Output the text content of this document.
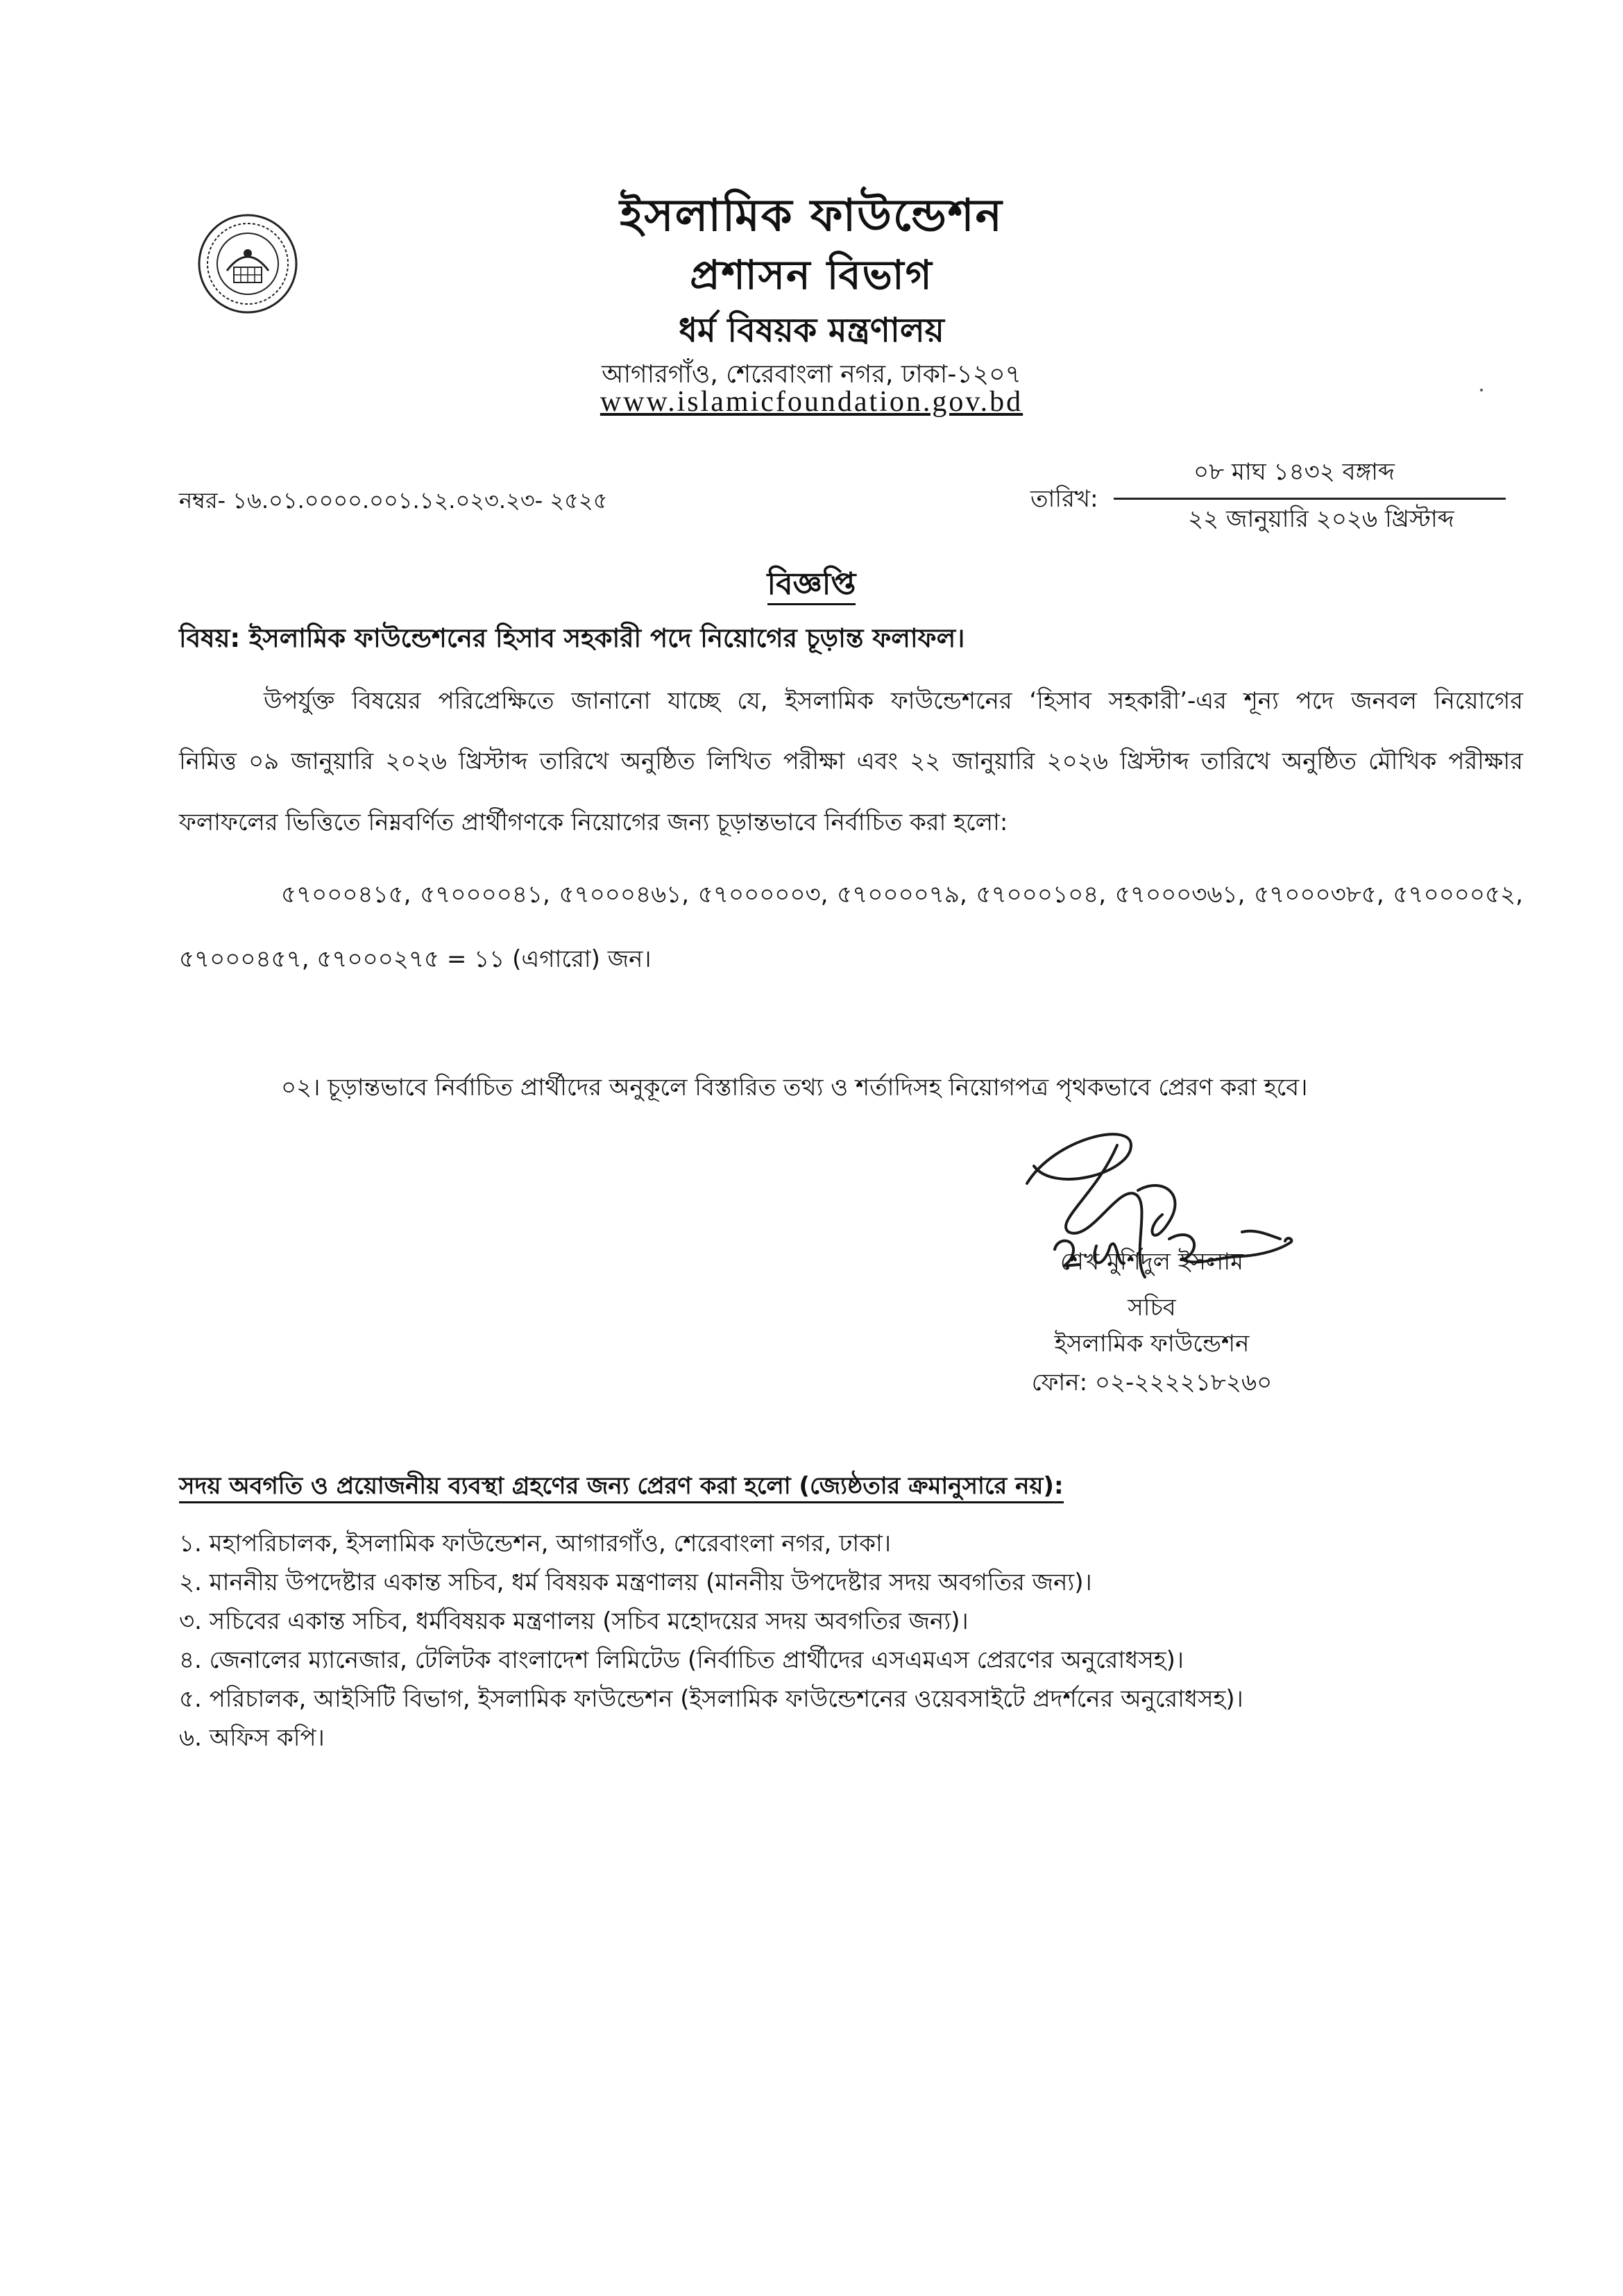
ইসলামিক ফাউন্ডেশন
প্রশাসন বিভাগ
ধর্ম বিষয়ক মন্ত্রণালয়
আগারগাঁও, শেরেবাংলা নগর, ঢাকা-১২০৭
www.islamicfoundation.gov.bd
নম্বর- ১৬.০১.০০০০.০০১.১২.০২৩.২৩- ২৫২৫	তারিখ:
০৮ মাঘ ১৪৩২ বঙ্গাব্দ
২২ জানুয়ারি ২০২৬ খ্রিস্টাব্দ
বিজ্ঞপ্তি
বিষয়: ইসলামিক ফাউন্ডেশনের হিসাব সহকারী পদে নিয়োগের চূড়ান্ত ফলাফল।
উপর্যুক্ত বিষয়ের পরিপ্রেক্ষিতে জানানো যাচ্ছে যে, ইসলামিক ফাউন্ডেশনের ‘হিসাব সহকারী’-এর শূন্য পদে জনবল নিয়োগের
নিমিত্ত ০৯ জানুয়ারি ২০২৬ খ্রিস্টাব্দ তারিখে অনুষ্ঠিত লিখিত পরীক্ষা এবং ২২ জানুয়ারি ২০২৬ খ্রিস্টাব্দ তারিখে অনুষ্ঠিত মৌখিক পরীক্ষার
ফলাফলের ভিত্তিতে নিম্নবর্ণিত প্রার্থীগণকে নিয়োগের জন্য চূড়ান্তভাবে নির্বাচিত করা হলো:
৫৭০০০৪১৫, ৫৭০০০০৪১, ৫৭০০০৪৬১, ৫৭০০০০০৩, ৫৭০০০০৭৯, ৫৭০০০১০৪, ৫৭০০০৩৬১, ৫৭০০০৩৮৫, ৫৭০০০০৫২,
৫৭০০০৪৫৭, ৫৭০০০২৭৫ = ১১ (এগারো) জন।
০২। চূড়ান্তভাবে নির্বাচিত প্রার্থীদের অনুকূলে বিস্তারিত তথ্য ও শর্তাদিসহ নিয়োগপত্র পৃথকভাবে প্রেরণ করা হবে।
শেখ মুর্শিদুল ইসলাম
সচিব
ইসলামিক ফাউন্ডেশন
ফোন: ০২-২২২২১৮২৬০
সদয় অবগতি ও প্রয়োজনীয় ব্যবস্থা গ্রহণের জন্য প্রেরণ করা হলো (জ্যেষ্ঠতার ক্রমানুসারে নয়):
১. মহাপরিচালক, ইসলামিক ফাউন্ডেশন, আগারগাঁও, শেরেবাংলা নগর, ঢাকা।
২. মাননীয় উপদেষ্টার একান্ত সচিব, ধর্ম বিষয়ক মন্ত্রণালয় (মাননীয় উপদেষ্টার সদয় অবগতির জন্য)।
৩. সচিবের একান্ত সচিব, ধর্মবিষয়ক মন্ত্রণালয় (সচিব মহোদয়ের সদয় অবগতির জন্য)।
৪. জেনালের ম্যানেজার, টেলিটক বাংলাদেশ লিমিটেড (নির্বাচিত প্রার্থীদের এসএমএস প্রেরণের অনুরোধসহ)।
৫. পরিচালক, আইসিটি বিভাগ, ইসলামিক ফাউন্ডেশন (ইসলামিক ফাউন্ডেশনের ওয়েবসাইটে প্রদর্শনের অনুরোধসহ)।
৬. অফিস কপি।
